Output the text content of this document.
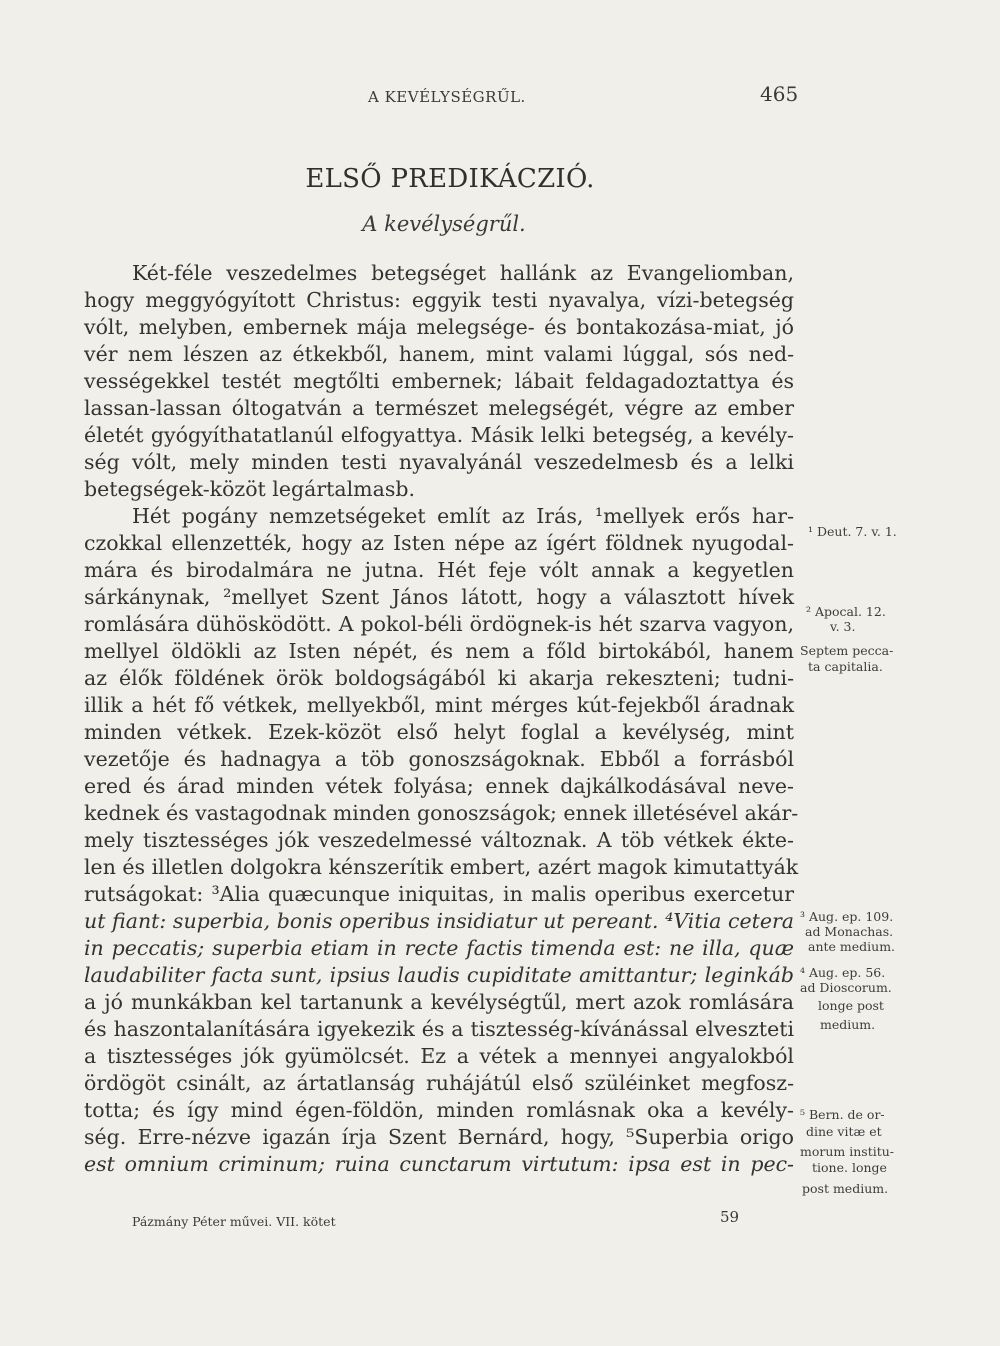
A KEVÉLYSÉGRŰL.	465
ELSŐ PREDIKÁCZIÓ.
A kevélységrűl.
Két-féle veszedelmes betegséget hallánk az Evangeliomban,
hogy meggyógyított Christus: eggyik testi nyavalya, vízi-betegség
vólt, melyben, embernek mája melegsége- és bontakozása-miat, jó
vér nem lészen az étkekből, hanem, mint valami lúggal, sós ned-
vességekkel testét megtőlti embernek; lábait feldagadoztattya és
lassan-lassan óltogatván a természet melegségét, végre az ember
életét gyógyíthatatlanúl elfogyattya. Másik lelki betegség, a kevély-
ség vólt, mely minden testi nyavalyánál veszedelmesb és a lelki
betegségek-közöt legártalmasb.
Hét pogány nemzetségeket említ az Irás, ¹mellyek erős har-
czokkal ellenzették, hogy az Isten népe az ígért földnek nyugodal-
mára és birodalmára ne jutna. Hét feje vólt annak a kegyetlen
sárkánynak, ²mellyet Szent János látott, hogy a választott hívek
romlására dühösködött. A pokol-béli ördögnek-is hét szarva vagyon,
mellyel öldökli az Isten népét, és nem a főld birtokából, hanem
az élők földének örök boldogságából ki akarja rekeszteni; tudni-
illik a hét fő vétkek, mellyekből, mint mérges kút-fejekből áradnak
minden vétkek. Ezek-közöt első helyt foglal a kevélység, mint
vezetője és hadnagya a töb gonoszságoknak. Ebből a forrásból
ered és árad minden vétek folyása; ennek dajkálkodásával neve-
kednek és vastagodnak minden gonoszságok; ennek illetésével akár-
mely tisztességes jók veszedelmessé változnak. A töb vétkek ékte-
len és illetlen dolgokra kénszerítik embert, azért magok kimutattyák
rutságokat: ³Alia quæcunque iniquitas, in malis operibus exercetur
ut fiant: superbia, bonis operibus insidiatur ut pereant. ⁴Vitia cetera
in peccatis; superbia etiam in recte factis timenda est: ne illa, quæ
laudabiliter facta sunt, ipsius laudis cupiditate amittantur; leginkáb
a jó munkákban kel tartanunk a kevélységtűl, mert azok romlására
és haszontalanítására igyekezik és a tisztesség-kívánással elveszteti
a tisztességes jók gyümölcsét. Ez a vétek a mennyei angyalokból
ördögöt csinált, az ártatlanság ruhájátúl első szüléinket megfosz-
totta; és így mind égen-földön, minden romlásnak oka a kevély-
ség. Erre-nézve igazán írja Szent Bernárd, hogy, ⁵Superbia origo
est omnium criminum; ruina cunctarum virtutum: ipsa est in pec-
¹ Deut. 7. v. 1.
² Apocal. 12.
v. 3.
Septem pecca-
ta capitalia.
³ Aug. ep. 109.
ad Monachas.
ante medium.
⁴ Aug. ep. 56.
ad Dioscorum.
longe post
medium.
⁵ Bern. de or-
dine vitæ et
morum institu-
tione. longe
post medium.
Pázmány Péter művei. VII. kötet	59
